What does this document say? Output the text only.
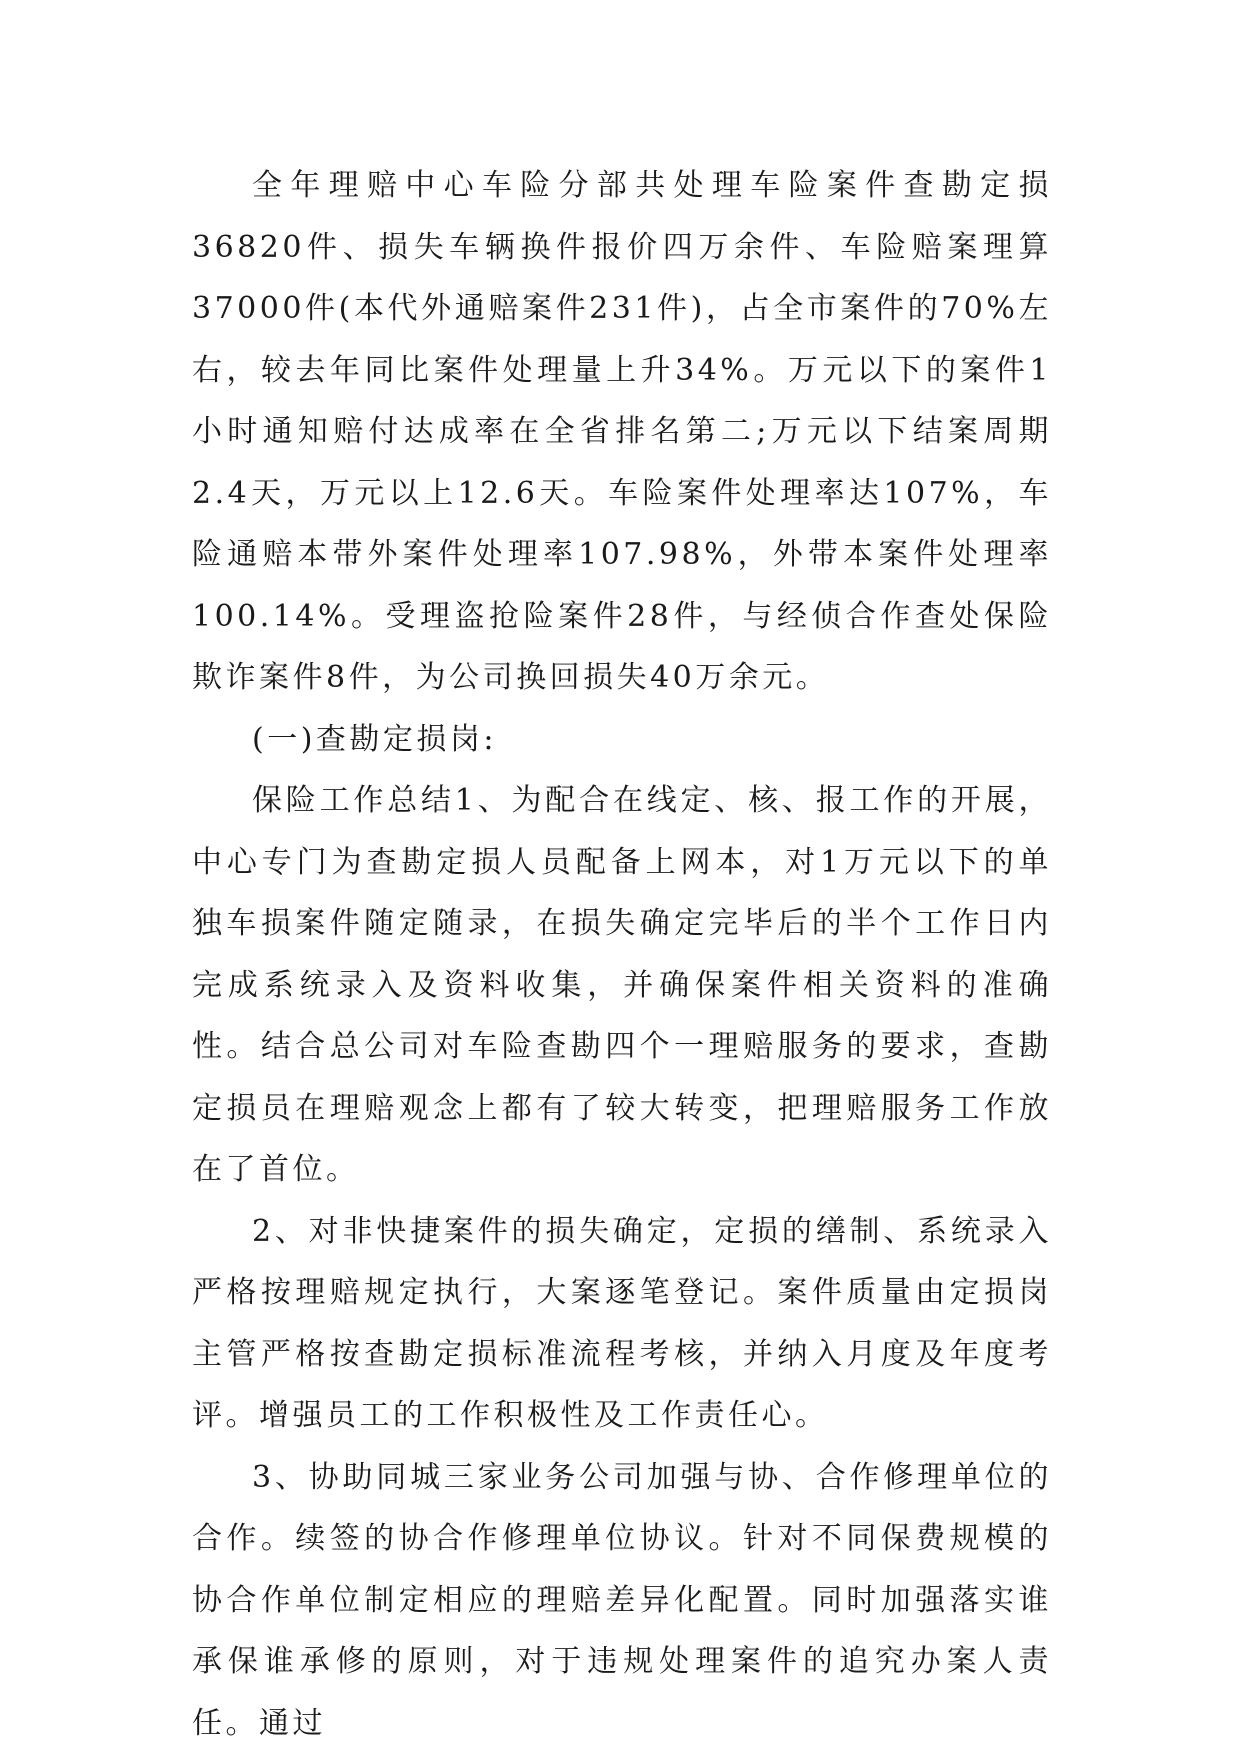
全年理赔中心车险分部共处理车险案件查勘定损36820件、损失车辆换件报价四万余件、车险赔案理算37000件(本代外通赔案件231件)，占全市案件的70%左右，较去年同比案件处理量上升34%。万元以下的案件1小时通知赔付达成率在全省排名第二;万元以下结案周期2.4天，万元以上12.6天。车险案件处理率达107%，车险通赔本带外案件处理率107.98%，外带本案件处理率100.14%。受理盗抢险案件28件，与经侦合作查处保险欺诈案件8件，为公司换回损失40万余元。

(一)查勘定损岗:

保险工作总结1、为配合在线定、核、报工作的开展，中心专门为查勘定损人员配备上网本，对1万元以下的单独车损案件随定随录，在损失确定完毕后的半个工作日内完成系统录入及资料收集，并确保案件相关资料的准确性。结合总公司对车险查勘四个一理赔服务的要求，查勘定损员在理赔观念上都有了较大转变，把理赔服务工作放在了首位。

2、对非快捷案件的损失确定，定损的缮制、系统录入严格按理赔规定执行，大案逐笔登记。案件质量由定损岗主管严格按查勘定损标准流程考核，并纳入月度及年度考评。增强员工的工作积极性及工作责任心。

3、协助同城三家业务公司加强与协、合作修理单位的合作。续签的协合作修理单位协议。针对不同保费规模的协合作单位制定相应的理赔差异化配置。同时加强落实谁承保谁承修的原则，对于违规处理案件的追究办案人责任。通过
